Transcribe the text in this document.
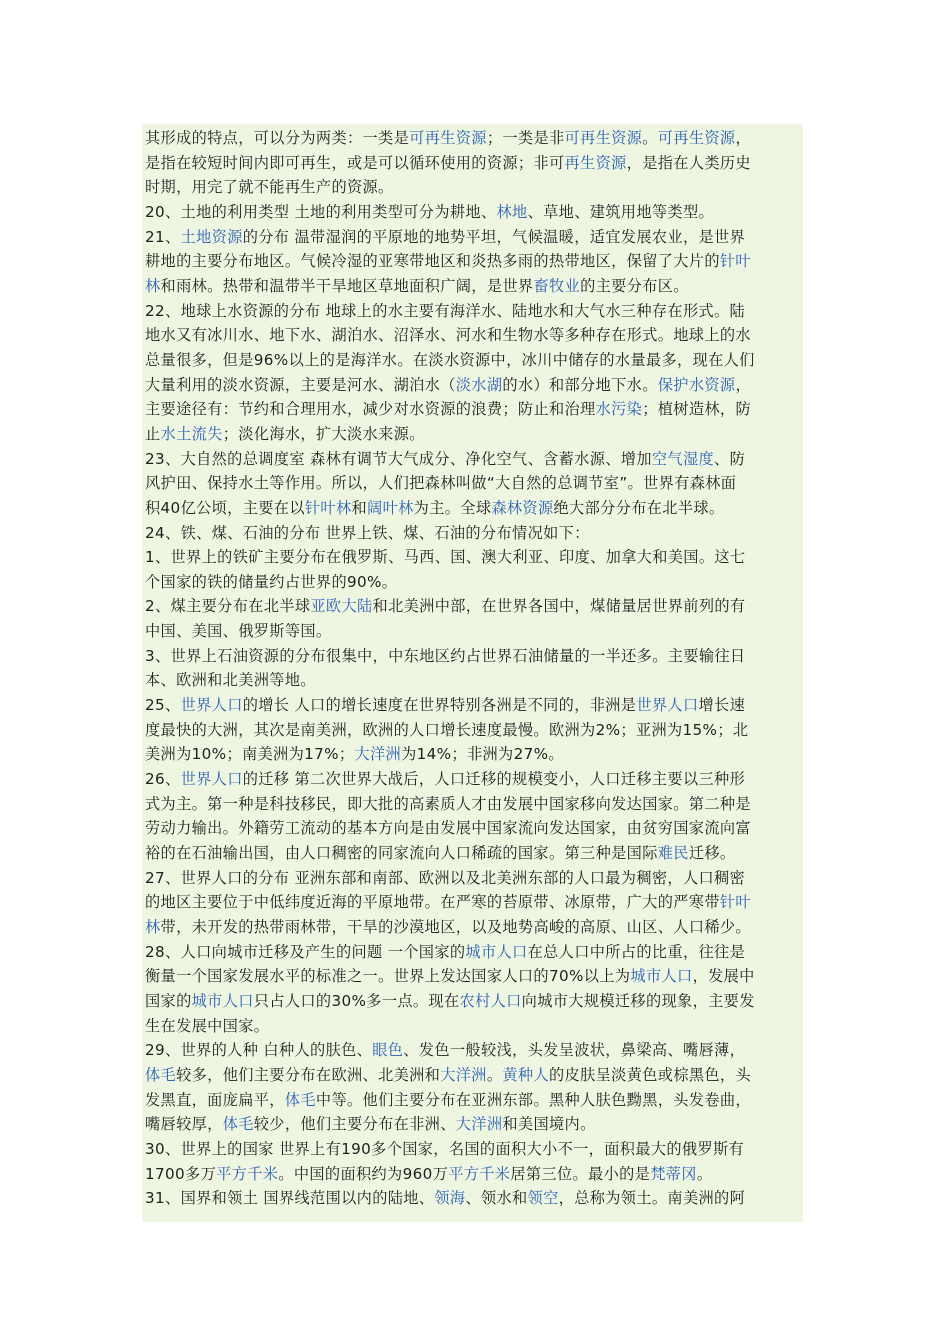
其形成的特点，可以分为两类：一类是可再生资源；一类是非可再生资源。可再生资源，
是指在较短时间内即可再生，或是可以循环使用的资源；非可再生资源，是指在人类历史
时期，用完了就不能再生产的资源。
20、土地的利用类型 土地的利用类型可分为耕地、林地、草地、建筑用地等类型。
21、土地资源的分布 温带湿润的平原地的地势平坦，气候温暖，适宜发展农业，是世界
耕地的主要分布地区。气候冷湿的亚寒带地区和炎热多雨的热带地区，保留了大片的针叶
林和雨林。热带和温带半干旱地区草地面积广阔，是世界畜牧业的主要分布区。
22、地球上水资源的分布 地球上的水主要有海洋水、陆地水和大气水三种存在形式。陆
地水又有冰川水、地下水、湖泊水、沼泽水、河水和生物水等多种存在形式。地球上的水
总量很多，但是96%以上的是海洋水。在淡水资源中，冰川中储存的水量最多，现在人们
大量利用的淡水资源，主要是河水、湖泊水（淡水湖的水）和部分地下水。保护水资源，
主要途径有：节约和合理用水，减少对水资源的浪费；防止和治理水污染；植树造林，防
止水土流失；淡化海水，扩大淡水来源。
23、大自然的总调度室 森林有调节大气成分、净化空气、含蓄水源、增加空气湿度、防
风护田、保持水土等作用。所以，人们把森林叫做“大自然的总调节室”。世界有森林面
积40亿公顷，主要在以针叶林和阔叶林为主。全球森林资源绝大部分分布在北半球。
24、铁、煤、石油的分布 世界上铁、煤、石油的分布情况如下：
1、世界上的铁矿主要分布在俄罗斯、马西、国、澳大利亚、印度、加拿大和美国。这七
个国家的铁的储量约占世界的90%。
2、煤主要分布在北半球亚欧大陆和北美洲中部，在世界各国中，煤储量居世界前列的有
中国、美国、俄罗斯等国。
3、世界上石油资源的分布很集中，中东地区约占世界石油储量的一半还多。主要输往日
本、欧洲和北美洲等地。
25、世界人口的增长 人口的增长速度在世界特别各洲是不同的，非洲是世界人口增长速
度最快的大洲，其次是南美洲，欧洲的人口增长速度最慢。欧洲为2%；亚洲为15%；北
美洲为10%；南美洲为17%；大洋洲为14%；非洲为27%。
26、世界人口的迁移 第二次世界大战后，人口迁移的规模变小，人口迁移主要以三种形
式为主。第一种是科技移民，即大批的高素质人才由发展中国家移向发达国家。第二种是
劳动力输出。外籍劳工流动的基本方向是由发展中国家流向发达国家，由贫穷国家流向富
裕的在石油输出国，由人口稠密的同家流向人口稀疏的国家。第三种是国际难民迁移。
27、世界人口的分布 亚洲东部和南部、欧洲以及北美洲东部的人口最为稠密，人口稠密
的地区主要位于中低纬度近海的平原地带。在严寒的苔原带、冰原带，广大的严寒带针叶
林带，未开发的热带雨林带，干旱的沙漠地区，以及地势高峻的高原、山区、人口稀少。
28、人口向城市迁移及产生的问题 一个国家的城市人口在总人口中所占的比重，往往是
衡量一个国家发展水平的标准之一。世界上发达国家人口的70%以上为城市人口，发展中
国家的城市人口只占人口的30%多一点。现在农村人口向城市大规模迁移的现象，主要发
生在发展中国家。
29、世界的人种 白种人的肤色、眼色、发色一般较浅，头发呈波状，鼻梁高、嘴唇薄，
体毛较多，他们主要分布在欧洲、北美洲和大洋洲。黄种人的皮肤呈淡黄色或棕黑色，头
发黑直，面庞扁平，体毛中等。他们主要分布在亚洲东部。黑种人肤色黝黑，头发卷曲，
嘴唇较厚，体毛较少，他们主要分布在非洲、大洋洲和美国境内。
30、世界上的国家 世界上有190多个国家，名国的面积大小不一，面积最大的俄罗斯有
1700多万平方千米。中国的面积约为960万平方千米居第三位。最小的是梵蒂冈。
31、国界和领土 国界线范围以内的陆地、领海、领水和领空，总称为领土。南美洲的阿
